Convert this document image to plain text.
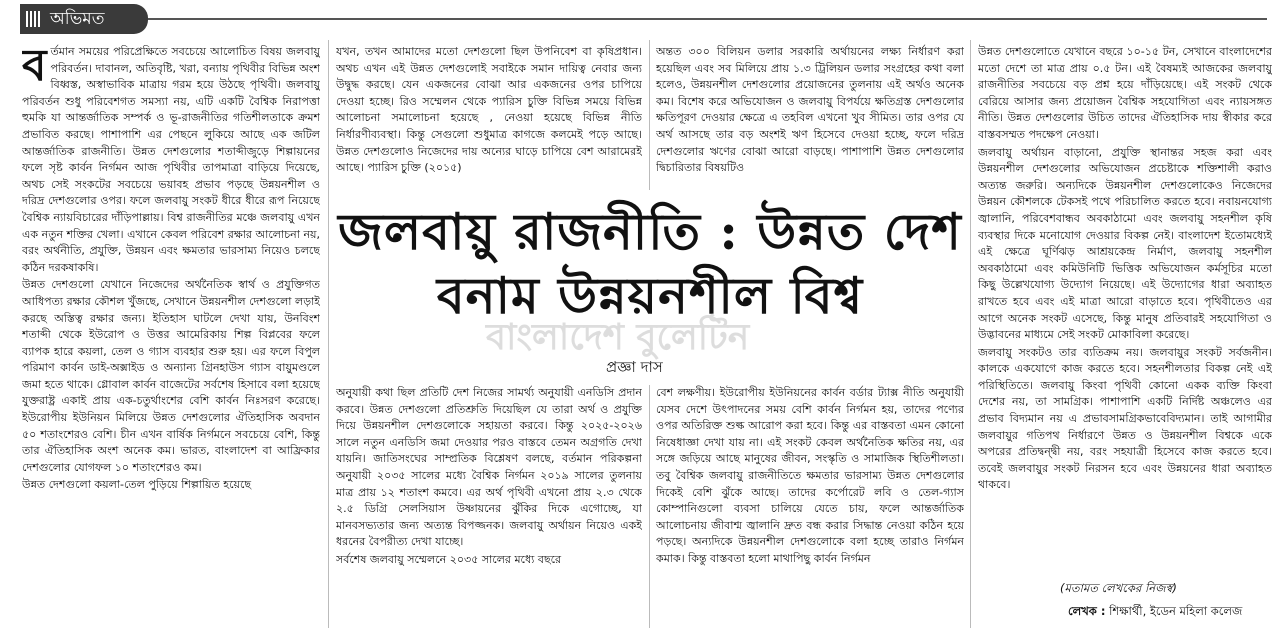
অভিমত

বর্তমান সময়ের পরিপ্রেক্ষিতে সবচেয়ে আলোচিত বিষয় জলবায়ু পরিবর্তন। দাবানল, অতিবৃষ্টি, খরা, বন্যায় পৃথিবীর বিভিন্ন অংশ বিধ্বস্ত, অস্বাভাবিক মাত্রায় গরম হয়ে উঠছে পৃথিবী। জলবায়ু পরিবর্তন শুধু পরিবেশগত সমস্যা নয়, এটি একটি বৈশ্বিক নিরাপত্তা হুমকি যা আন্তর্জাতিক সম্পর্ক ও ভূ-রাজনীতির গতিশীলতাকে ক্রমশ প্রভাবিত করছে। পাশাপাশি এর পেছনে লুকিয়ে আছে এক জটিল আন্তর্জাতিক রাজনীতি। উন্নত দেশগুলোর শতাব্দীজুড়ে শিল্পায়নের ফলে সৃষ্ট কার্বন নির্গমন আজ পৃথিবীর তাপমাত্রা বাড়িয়ে দিয়েছে, অথচ সেই সংকটের সবচেয়ে ভয়াবহ প্রভাব পড়ছে উন্নয়নশীল ও দরিদ্র দেশগুলোর ওপর। ফলে জলবায়ু সংকট ধীরে ধীরে রূপ নিয়েছে বৈশ্বিক ন্যায়বিচারের দাঁড়িপাল্লায়। বিশ্ব রাজনীতির মঞ্চে জলবায়ু এখন এক নতুন শক্তির খেলা। এখানে কেবল পরিবেশ রক্ষার আলোচনা নয়, বরং অর্থনীতি, প্রযুক্তি, উন্নয়ন এবং ক্ষমতার ভারসাম্য নিয়েও চলছে কঠিন দরকষাকষি।

উন্নত দেশগুলো যেখানে নিজেদের অর্থনৈতিক স্বার্থ ও প্রযুক্তিগত আধিপত্য রক্ষার কৌশল খুঁজছে, সেখানে উন্নয়নশীল দেশগুলো লড়াই করছে অস্তিত্ব রক্ষার জন্য। ইতিহাস ঘাটলে দেখা যায়, উনবিংশ শতাব্দী থেকে ইউরোপ ও উত্তর আমেরিকায় শিল্প বিপ্লবের ফলে ব্যাপক হারে কয়লা, তেল ও গ্যাস ব্যবহার শুরু হয়। এর ফলে বিপুল পরিমাণ কার্বন ডাই-অক্সাইড ও অন্যান্য গ্রিনহাউস গ্যাস বায়ুমণ্ডলে জমা হতে থাকে। গ্লোবাল কার্বন বাজেটের সর্বশেষ হিসাবে বলা হয়েছে যুক্তরাষ্ট্র একাই প্রায় এক-চতুর্থাংশের বেশি কার্বন নিঃসরণ করেছে। ইউরোপীয় ইউনিয়ন মিলিয়ে উন্নত দেশগুলোর ঐতিহাসিক অবদান ৫০ শতাংশেরও বেশি। চীন এখন বার্ষিক নির্গমনে সবচেয়ে বেশি, কিন্তু তার ঐতিহাসিক অংশ অনেক কম। ভারত, বাংলাদেশ বা আফ্রিকার দেশগুলোর যোগফল ১০ শতাংশেরও কম।

উন্নত দেশগুলো কয়লা-তেল পুড়িয়ে শিল্পায়িত হয়েছে

যখন, তখন আমাদের মতো দেশগুলো ছিল উপনিবেশ বা কৃষিপ্রধান। অথচ এখন এই উন্নত দেশগুলোই সবাইকে সমান দায়িত্ব নেবার জন্য উদ্বুদ্ধ করছে। যেন একজনের বোঝা আর একজনের ওপর চাপিয়ে দেওয়া হচ্ছে। রিও সম্মেলন থেকে প্যারিস চুক্তি বিভিন্ন সময়ে বিভিন্ন আলোচনা সমালোচনা হয়েছে , নেওয়া হয়েছে বিভিন্ন নীতি নির্ধারণীব্যবস্থা। কিন্তু সেগুলো শুধুমাত্র কাগজে কলমেই পড়ে আছে। উন্নত দেশগুলোও নিজেদের দায় অন্যের ঘাড়ে চাপিয়ে বেশ আরামেরই আছে। প্যারিস চুক্তি (২০১৫)

অন্তত ৩০০ বিলিয়ন ডলার সরকারি অর্থায়নের লক্ষ্য নির্ধারণ করা হয়েছিল এবং সব মিলিয়ে প্রায় ১.৩ ট্রিলিয়ন ডলার সংগ্রহের কথা বলা হলেও, উন্নয়নশীল দেশগুলোর প্রয়োজনের তুলনায় এই অর্থও অনেক কম। বিশেষ করে অভিযোজন ও জলবায়ু বিপর্যয়ে ক্ষতিগ্রস্ত দেশগুলোর ক্ষতিপূরণ দেওয়ার ক্ষেত্রে এ তহবিল এখনো খুব সীমিত। তার ওপর যে অর্থ আসছে তার বড় অংশই ঋণ হিসেবে দেওয়া হচ্ছে, ফলে দরিদ্র দেশগুলোর ঋণের বোঝা আরো বাড়ছে। পাশাপাশি উন্নত দেশগুলোর দ্বিচারিতার বিষয়টিও

জলবায়ু রাজনীতি : উন্নত দেশ
বনাম উন্নয়নশীল বিশ্ব
বাংলাদেশ বুলেটিন
প্রজ্ঞা দাস

অনুযায়ী কথা ছিল প্রতিটি দেশ নিজের সামর্থ্য অনুযায়ী এনডিসি প্রদান করবে। উন্নত দেশগুলো প্রতিশ্রুতি দিয়েছিল যে তারা অর্থ ও প্রযুক্তি দিয়ে উন্নয়নশীল দেশগুলোকে সহায়তা করবে। কিন্তু ২০২৫-২০২৬ সালে নতুন এনডিসি জমা দেওয়ার পরও বাস্তবে তেমন অগ্রগতি দেখা যায়নি। জাতিসংঘের সাম্প্রতিক বিশ্লেষণ বলছে, বর্তমান পরিকল্পনা অনুযায়ী ২০৩৫ সালের মধ্যে বৈশ্বিক নির্গমন ২০১৯ সালের তুলনায় মাত্র প্রায় ১২ শতাংশ কমবে। এর অর্থ পৃথিবী এখনো প্রায় ২.৩ থেকে ২.৫ ডিগ্রি সেলসিয়াস উষ্ণায়নের ঝুঁকির দিকে এগোচ্ছে, যা মানবসভ্যতার জন্য অত্যন্ত বিপজ্জনক। জলবায়ু অর্থায়ন নিয়েও একই ধরনের বৈপরীত্য দেখা যাচ্ছে।

সর্বশেষ জলবায়ু সম্মেলনে ২০৩৫ সালের মধ্যে বছরে

বেশ লক্ষণীয়। ইউরোপীয় ইউনিয়নের কার্বন বর্ডার ট্যাক্স নীতি অনুযায়ী যেসব দেশে উৎপাদনের সময় বেশি কার্বন নির্গমন হয়, তাদের পণ্যের ওপর অতিরিক্ত শুল্ক আরোপ করা হবে। কিন্তু এর বাস্তবতা এমন কোনো নিষেধাজ্ঞা দেখা যায় না। এই সংকট কেবল অর্থনৈতিক ক্ষতির নয়, এর সঙ্গে জড়িয়ে আছে মানুষের জীবন, সংস্কৃতি ও সামাজিক স্থিতিশীলতা। তবু বৈশ্বিক জলবায়ু রাজনীতিতে ক্ষমতার ভারসাম্য উন্নত দেশগুলোর দিকেই বেশি ঝুঁকে আছে। তাদের কর্পোরেট লবি ও তেল-গ্যাস কোম্পানিগুলো ব্যবসা চালিয়ে যেতে চায়, ফলে আন্তর্জাতিক আলোচনায় জীবাশ্ম জ্বালানি দ্রুত বন্ধ করার সিদ্ধান্ত নেওয়া কঠিন হয়ে পড়ছে। অন্যদিকে উন্নয়নশীল দেশগুলোকে বলা হচ্ছে তারাও নির্গমন কমাক। কিন্তু বাস্তবতা হলো মাথাপিছু কার্বন নির্গমন

উন্নত দেশগুলোতে যেখানে বছরে ১০-১৫ টন, সেখানে বাংলাদেশের মতো দেশে তা মাত্র প্রায় ০.৫ টন। এই বৈষম্যই আজকের জলবায়ু রাজনীতির সবচেয়ে বড় প্রশ্ন হয়ে দাঁড়িয়েছে। এই সংকট থেকে বেরিয়ে আসার জন্য প্রয়োজন বৈশ্বিক সহযোগিতা এবং ন্যায়সঙ্গত নীতি। উন্নত দেশগুলোর উচিত তাদের ঐতিহাসিক দায় স্বীকার করে বাস্তবসম্মত পদক্ষেপ নেওয়া।

জলবায়ু অর্থায়ন বাড়ানো, প্রযুক্তি স্থানান্তর সহজ করা এবং উন্নয়নশীল দেশগুলোর অভিযোজন প্রচেষ্টাকে শক্তিশালী করাও অত্যন্ত জরুরি। অন্যদিকে উন্নয়নশীল দেশগুলোকেও নিজেদের উন্নয়ন কৌশলকে টেকসই পথে পরিচালিত করতে হবে। নবায়নযোগ্য জ্বালানি, পরিবেশবান্ধব অবকাঠামো এবং জলবায়ু সহনশীল কৃষি ব্যবস্থার দিকে মনোযোগ দেওয়ার বিকল্প নেই। বাংলাদেশ ইতোমধ্যেই এই ক্ষেত্রে ঘূর্ণিঝড় আশ্রয়কেন্দ্র নির্মাণ, জলবায়ু সহনশীল অবকাঠামো এবং কমিউনিটি ভিত্তিক অভিযোজন কর্মসূচির মতো কিছু উল্লেখযোগ্য উদ্যোগ নিয়েছে। এই উদ্যোগের ধারা অব্যাহত রাখতে হবে এবং এই মাত্রা আরো বাড়াতে হবে। পৃথিবীতেও এর আগে অনেক সংকট এসেছে, কিন্তু মানুষ প্রতিবারই সহযোগিতা ও উদ্ভাবনের মাধ্যমে সেই সংকট মোকাবিলা করেছে।

জলবায়ু সংকটও তার ব্যতিক্রম নয়। জলবায়ুর সংকট সর্বজনীন। কালকে একযোগে কাজ করতে হবে। সহনশীলতার বিকল্প নেই এই পরিস্থিতিতে। জলবায়ু কিংবা পৃথিবী কোনো একক ব্যক্তি কিংবা দেশের নয়, তা সামগ্রিক। পাশাপাশি একটি নির্দিষ্ট অঞ্চলেও এর প্রভাব বিদ্যমান নয় এ প্রভাবসামগ্রিকভাবেবিদ্যমান। তাই আগামীর জলবায়ুর গতিপথ নির্ধারণে উন্নত ও উন্নয়নশীল বিশ্বকে একে অপরের প্রতিদ্বন্দ্বী নয়, বরং সহযাত্রী হিসেবে কাজ করতে হবে। তবেই জলবায়ুর সংকট নিরসন হবে এবং উন্নয়নের ধারা অব্যাহত থাকবে।

(মতামত লেখকের নিজস্ব)
লেখক : শিক্ষার্থী, ইডেন মহিলা কলেজ
